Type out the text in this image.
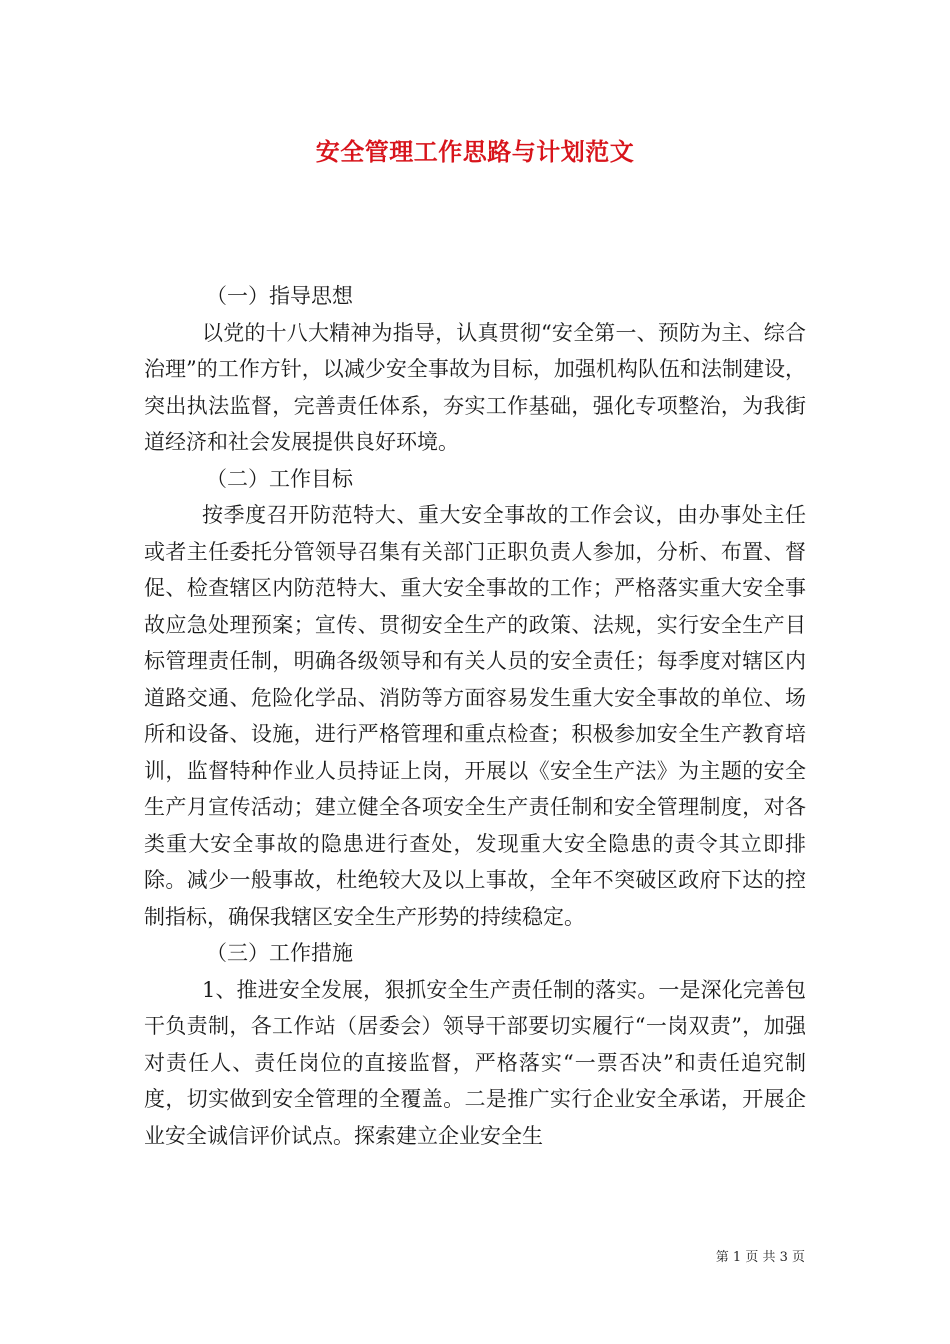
安全管理工作思路与计划范文

（一）指导思想

以党的十八大精神为指导，认真贯彻“安全第一、预防为主、综合治理”的工作方针，以减少安全事故为目标，加强机构队伍和法制建设，突出执法监督，完善责任体系，夯实工作基础，强化专项整治，为我街道经济和社会发展提供良好环境。

（二）工作目标

按季度召开防范特大、重大安全事故的工作会议，由办事处主任或者主任委托分管领导召集有关部门正职负责人参加，分析、布置、督促、检查辖区内防范特大、重大安全事故的工作；严格落实重大安全事故应急处理预案；宣传、贯彻安全生产的政策、法规，实行安全生产目标管理责任制，明确各级领导和有关人员的安全责任；每季度对辖区内道路交通、危险化学品、消防等方面容易发生重大安全事故的单位、场所和设备、设施，进行严格管理和重点检查；积极参加安全生产教育培训，监督特种作业人员持证上岗，开展以《安全生产法》为主题的安全生产月宣传活动；建立健全各项安全生产责任制和安全管理制度，对各类重大安全事故的隐患进行查处，发现重大安全隐患的责令其立即排除。减少一般事故，杜绝较大及以上事故，全年不突破区政府下达的控制指标，确保我辖区安全生产形势的持续稳定。

（三）工作措施

1、推进安全发展，狠抓安全生产责任制的落实。一是深化完善包干负责制，各工作站（居委会）领导干部要切实履行“一岗双责”，加强对责任人、责任岗位的直接监督，严格落实“一票否决”和责任追究制度，切实做到安全管理的全覆盖。二是推广实行企业安全承诺，开展企业安全诚信评价试点。探索建立企业安全生

第 1 页 共 3 页
